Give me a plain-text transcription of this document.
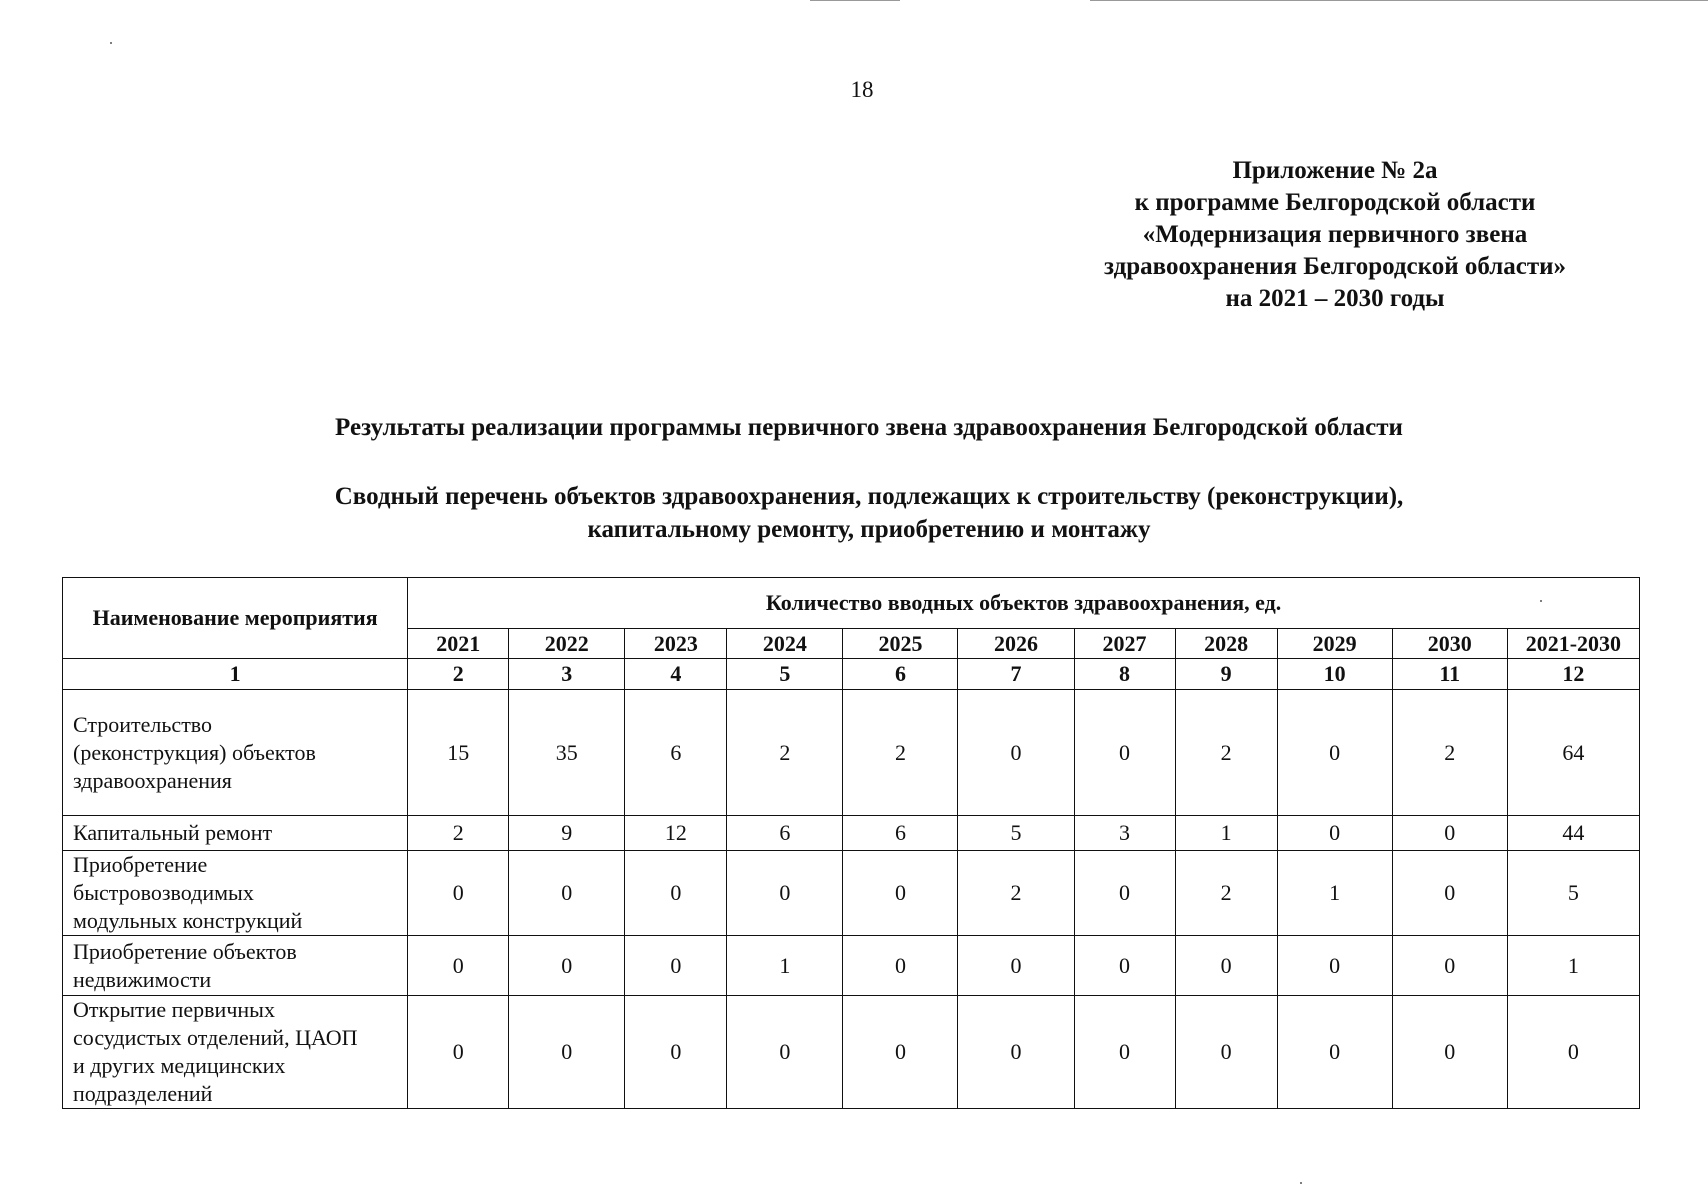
18
Приложение № 2а
к программе Белгородской области
«Модернизация первичного звена
здравоохранения Белгородской области»
на 2021 – 2030 годы
Результаты реализации программы первичного звена здравоохранения Белгородской области
Сводный перечень объектов здравоохранения, подлежащих к строительству (реконструкции),
капитальному ремонту, приобретению и монтажу
Наименование мероприятия	Количество вводных объектов здравоохранения, ед.										
	2021	2022	2023	2024	2025	2026	2027	2028	2029	2030	2021-2030
1	2	3	4	5	6	7	8	9	10	11	12

Строительство
(реконструкция) объектов
здравоохранения	15	35	6	2	2	0	0	2	0	2	64

Капитальный ремонт	2	9	12	6	6	5	3	1	0	0	44

Приобретение
быстровозводимых
модульных конструкций	0	0	0	0	0	2	0	2	1	0	5

Приобретение объектов
недвижимости	0	0	0	1	0	0	0	0	0	0	1

Открытие первичных
сосудистых отделений, ЦАОП
и других медицинских
подразделений	0	0	0	0	0	0	0	0	0	0	0
